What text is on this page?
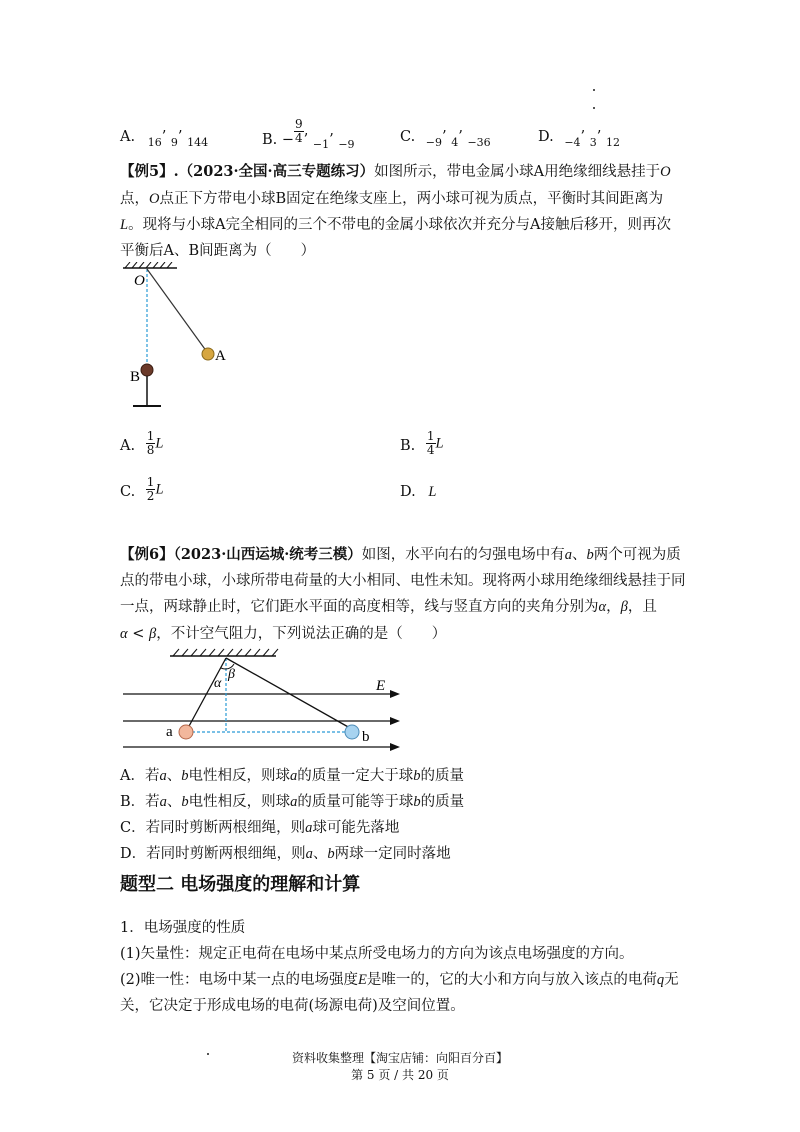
A. $_{16}$’ $_9$’ $_{144}$	B. − $\frac{9}{4}$ ’ $_{-1}$’ $_{-9}$	C. $_{-9}$’ $_4$’ $_{-36}$	D. $_{-4}$’ $_3$’ $_{12}$
【例5】.（2023·全国·高三专题练习）如图所示，带电金属小球A用绝缘细线悬挂于O
点，O点正下方带电小球B固定在绝缘支座上，两小球可视为质点，平衡时其间距离为
L。现将与小球A完全相同的三个不带电的金属小球依次并充分与A接触后移开，则再次
平衡后A、B间距离为（　　）
O
A
B
A. $\frac{1}{8}$ L	B. $\frac{1}{4}$ L
C. $\frac{1}{2}$ L	D. L
【例6】（2023·山西运城·统考三模）如图，水平向右的匀强电场中有a、b两个可视为质
点的带电小球，小球所带电荷量的大小相同、电性未知。现将两小球用绝缘细线悬挂于同
一点，两球静止时，它们距水平面的高度相等，线与竖直方向的夹角分别为α，β，且
α < β，不计空气阻力，下列说法正确的是（　　）
α
β
E
a	b
A．若a、b电性相反，则球a的质量一定大于球b的质量
B．若a、b电性相反，则球a的质量可能等于球b的质量
C．若同时剪断两根细绳，则a球可能先落地
D．若同时剪断两根细绳，则a、b两球一定同时落地
题型二 电场强度的理解和计算
1．电场强度的性质
(1)矢量性：规定正电荷在电场中某点所受电场力的方向为该点电场强度的方向。
(2)唯一性：电场中某一点的电场强度E是唯一的，它的大小和方向与放入该点的电荷q无
关，它决定于形成电场的电荷(场源电荷)及空间位置。
资料收集整理【淘宝店铺：向阳百分百】
第 5 页 / 共 20 页
